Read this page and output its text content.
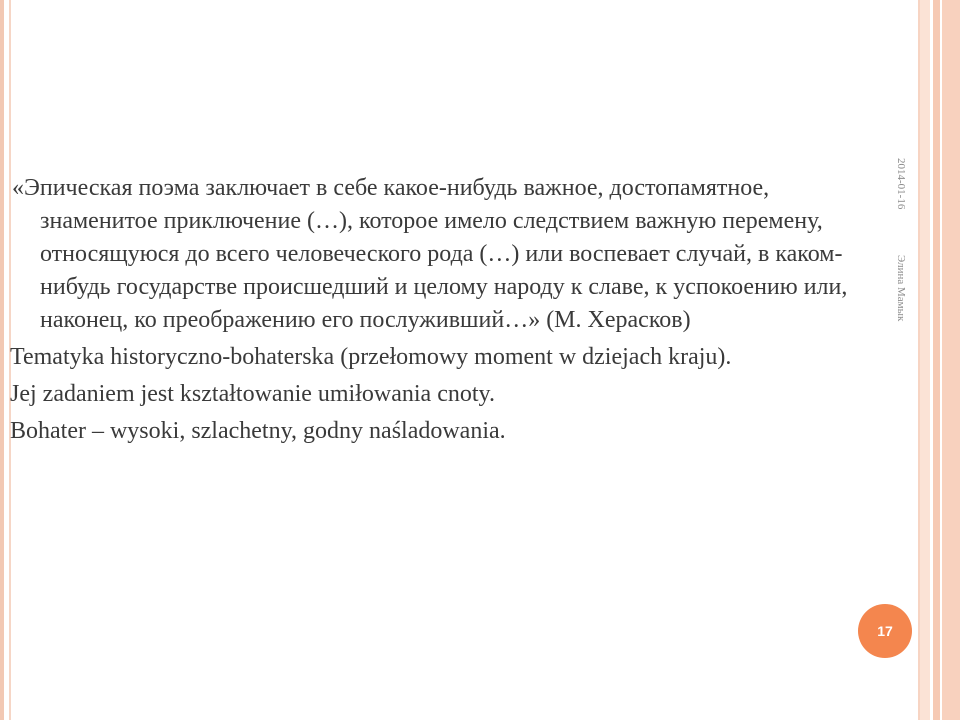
2014-01-16
Элина Мамык

«Эпическая поэма заключает в себе какое-нибудь важное, достопамятное, знаменитое приключение (…), которое имело следствием важную перемену, относящуюся до всего человеческого рода (…) или воспевает случай, в каком-нибудь государстве происшедший и целому народу к славе, к успокоению или, наконец, ко преображению его послуживший…» (М. Херасков)

Tematyka historyczno-bohaterska (przełomowy moment w dziejach kraju).

Jej zadaniem jest kształtowanie umiłowania cnoty.

Bohater – wysoki, szlachetny, godny naśladowania.

17
